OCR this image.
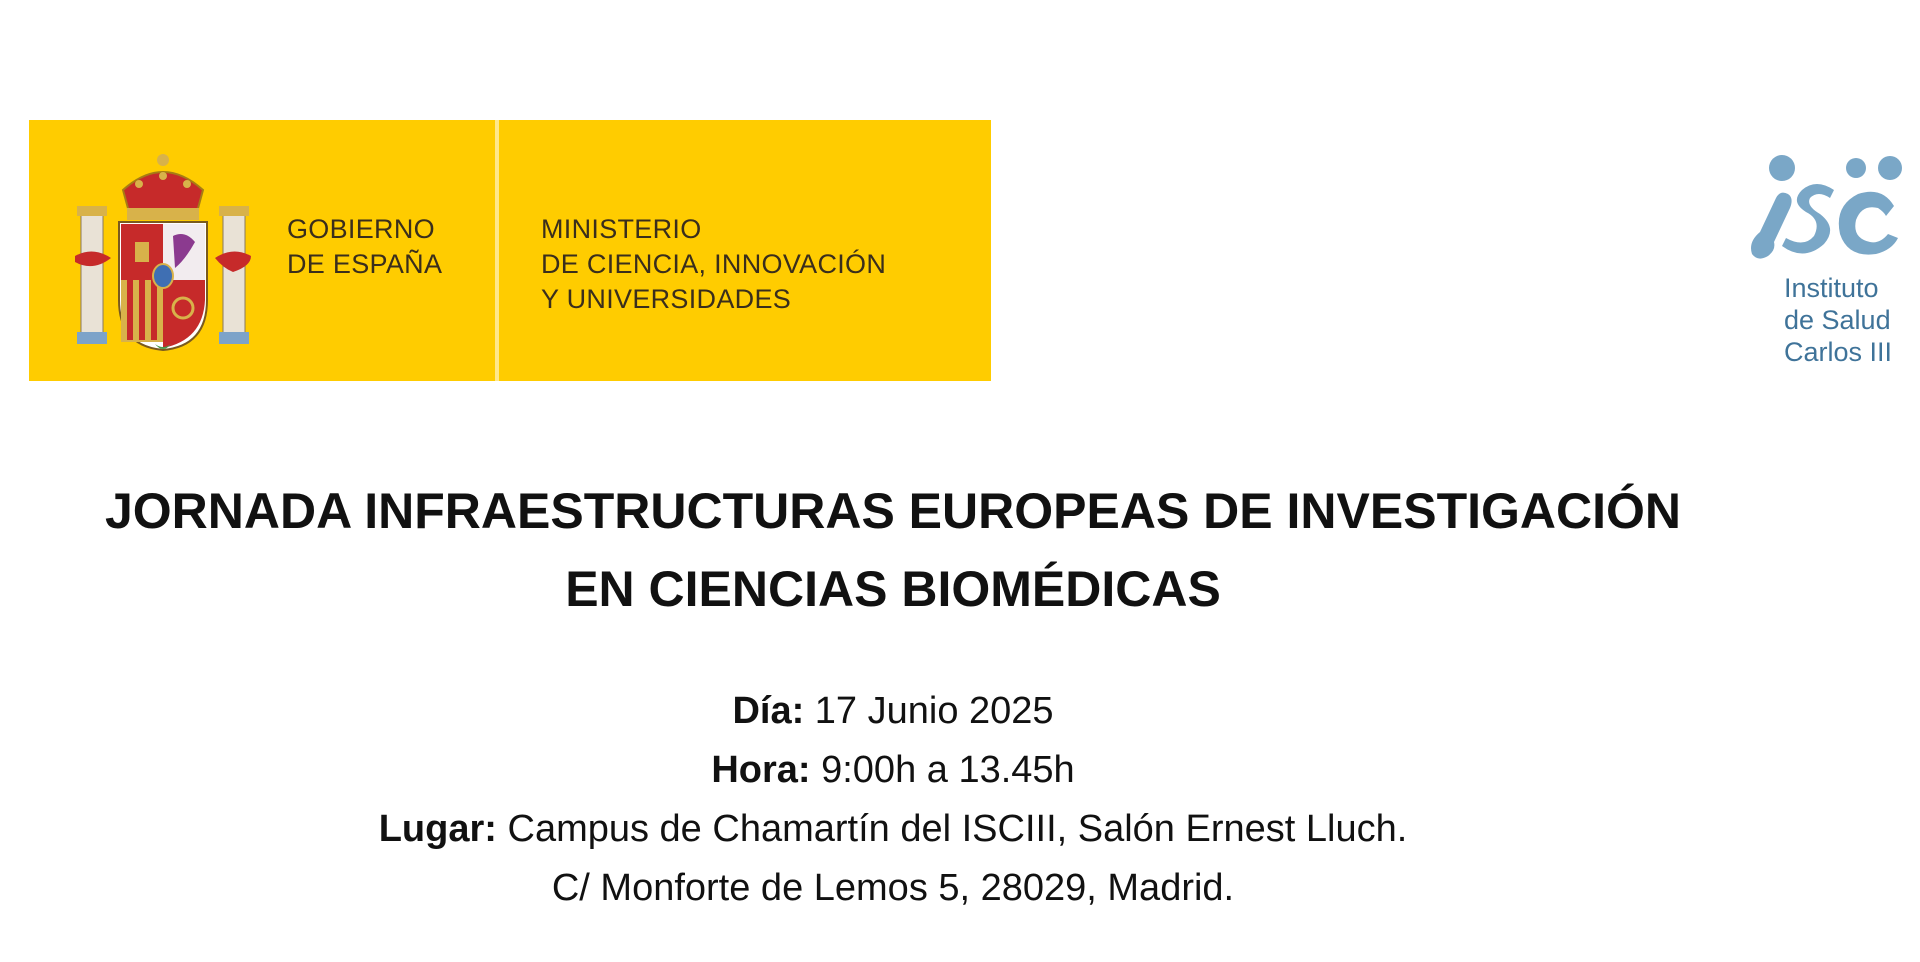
GOBIERNO
DE ESPAÑA
MINISTERIO
DE CIENCIA, INNOVACIÓN
Y UNIVERSIDADES	Instituto
de Salud
Carlos III
JORNADA INFRAESTRUCTURAS EUROPEAS DE INVESTIGACIÓN
EN CIENCIAS BIOMÉDICAS
Día: 17 Junio 2025
Hora: 9:00h a 13.45h
Lugar: Campus de Chamartín del ISCIII, Salón Ernest Lluch.
C/ Monforte de Lemos 5, 28029, Madrid.
